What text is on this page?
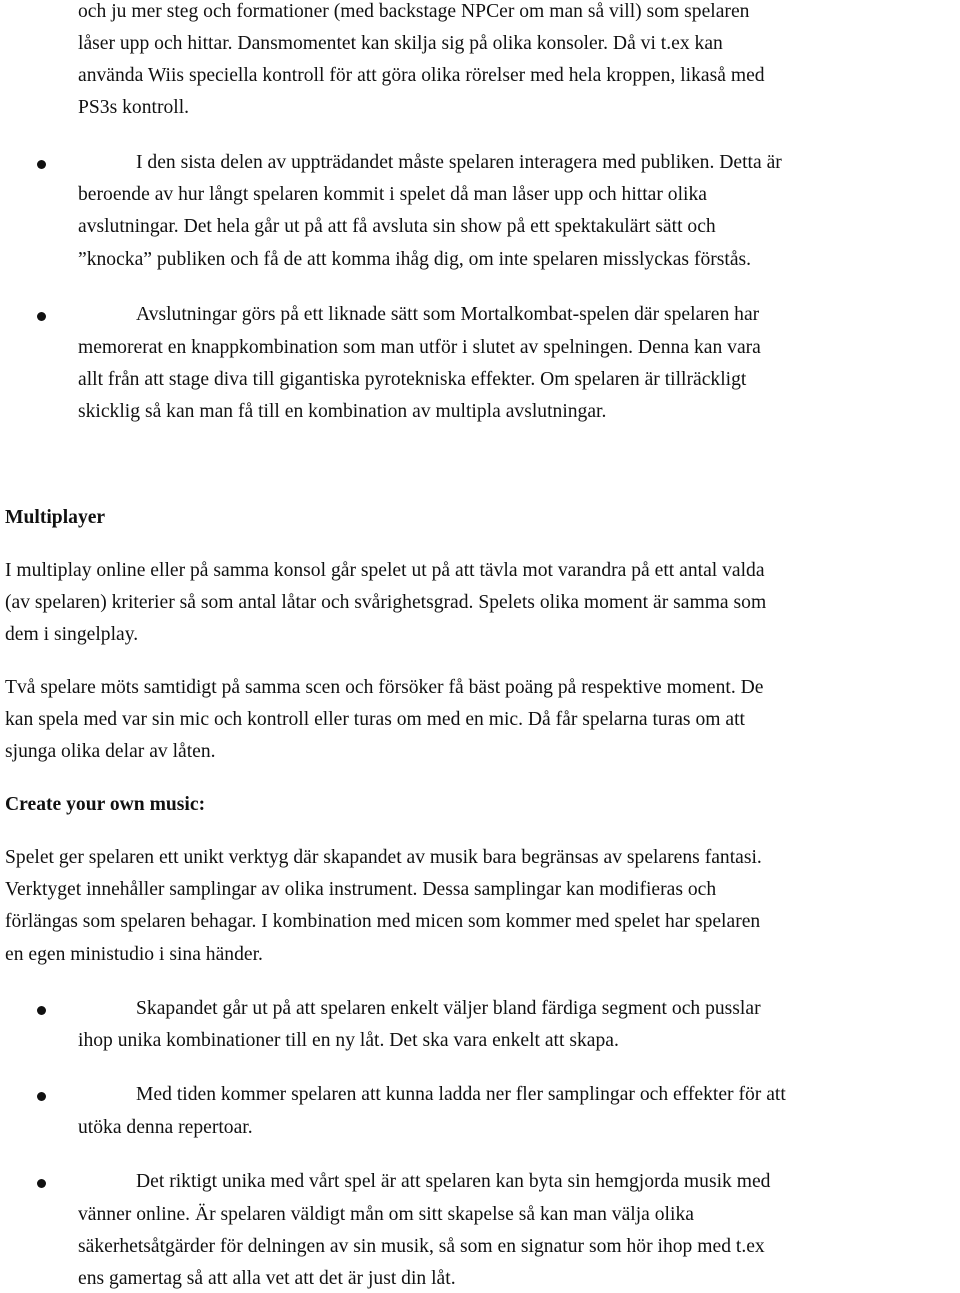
och ju mer steg och formationer (med backstage NPCer om man så vill) som spelaren
låser upp och hittar. Dansmomentet kan skilja sig på olika konsoler. Då vi t.ex kan
använda Wiis speciella kontroll för att göra olika rörelser med hela kroppen, likaså med
PS3s kontroll.
I den sista delen av uppträdandet måste spelaren interagera med publiken. Detta är
beroende av hur långt spelaren kommit i spelet då man låser upp och hittar olika
avslutningar. Det hela går ut på att få avsluta sin show på ett spektakulärt sätt och
”knocka” publiken och få de att komma ihåg dig, om inte spelaren misslyckas förstås.
Avslutningar görs på ett liknade sätt som Mortalkombat-spelen där spelaren har
memorerat en knappkombination som man utför i slutet av spelningen. Denna kan vara
allt från att stage diva till gigantiska pyrotekniska effekter. Om spelaren är tillräckligt
skicklig så kan man få till en kombination av multipla avslutningar.
Multiplayer
I multiplay online eller på samma konsol går spelet ut på att tävla mot varandra på ett antal valda
(av spelaren) kriterier så som antal låtar och svårighetsgrad. Spelets olika moment är samma som
dem i singelplay.
Två spelare möts samtidigt på samma scen och försöker få bäst poäng på respektive moment. De
kan spela med var sin mic och kontroll eller turas om med en mic. Då får spelarna turas om att
sjunga olika delar av låten.
Create your own music:
Spelet ger spelaren ett unikt verktyg där skapandet av musik bara begränsas av spelarens fantasi.
Verktyget innehåller samplingar av olika instrument. Dessa samplingar kan modifieras och
förlängas som spelaren behagar. I kombination med micen som kommer med spelet har spelaren
en egen ministudio i sina händer.
Skapandet går ut på att spelaren enkelt väljer bland färdiga segment och pusslar
ihop unika kombinationer till en ny låt. Det ska vara enkelt att skapa.
Med tiden kommer spelaren att kunna ladda ner fler samplingar och effekter för att
utöka denna repertoar.
Det riktigt unika med vårt spel är att spelaren kan byta sin hemgjorda musik med
vänner online. Är spelaren väldigt mån om sitt skapelse så kan man välja olika
säkerhetsåtgärder för delningen av sin musik, så som en signatur som hör ihop med t.ex
ens gamertag så att alla vet att det är just din låt.
